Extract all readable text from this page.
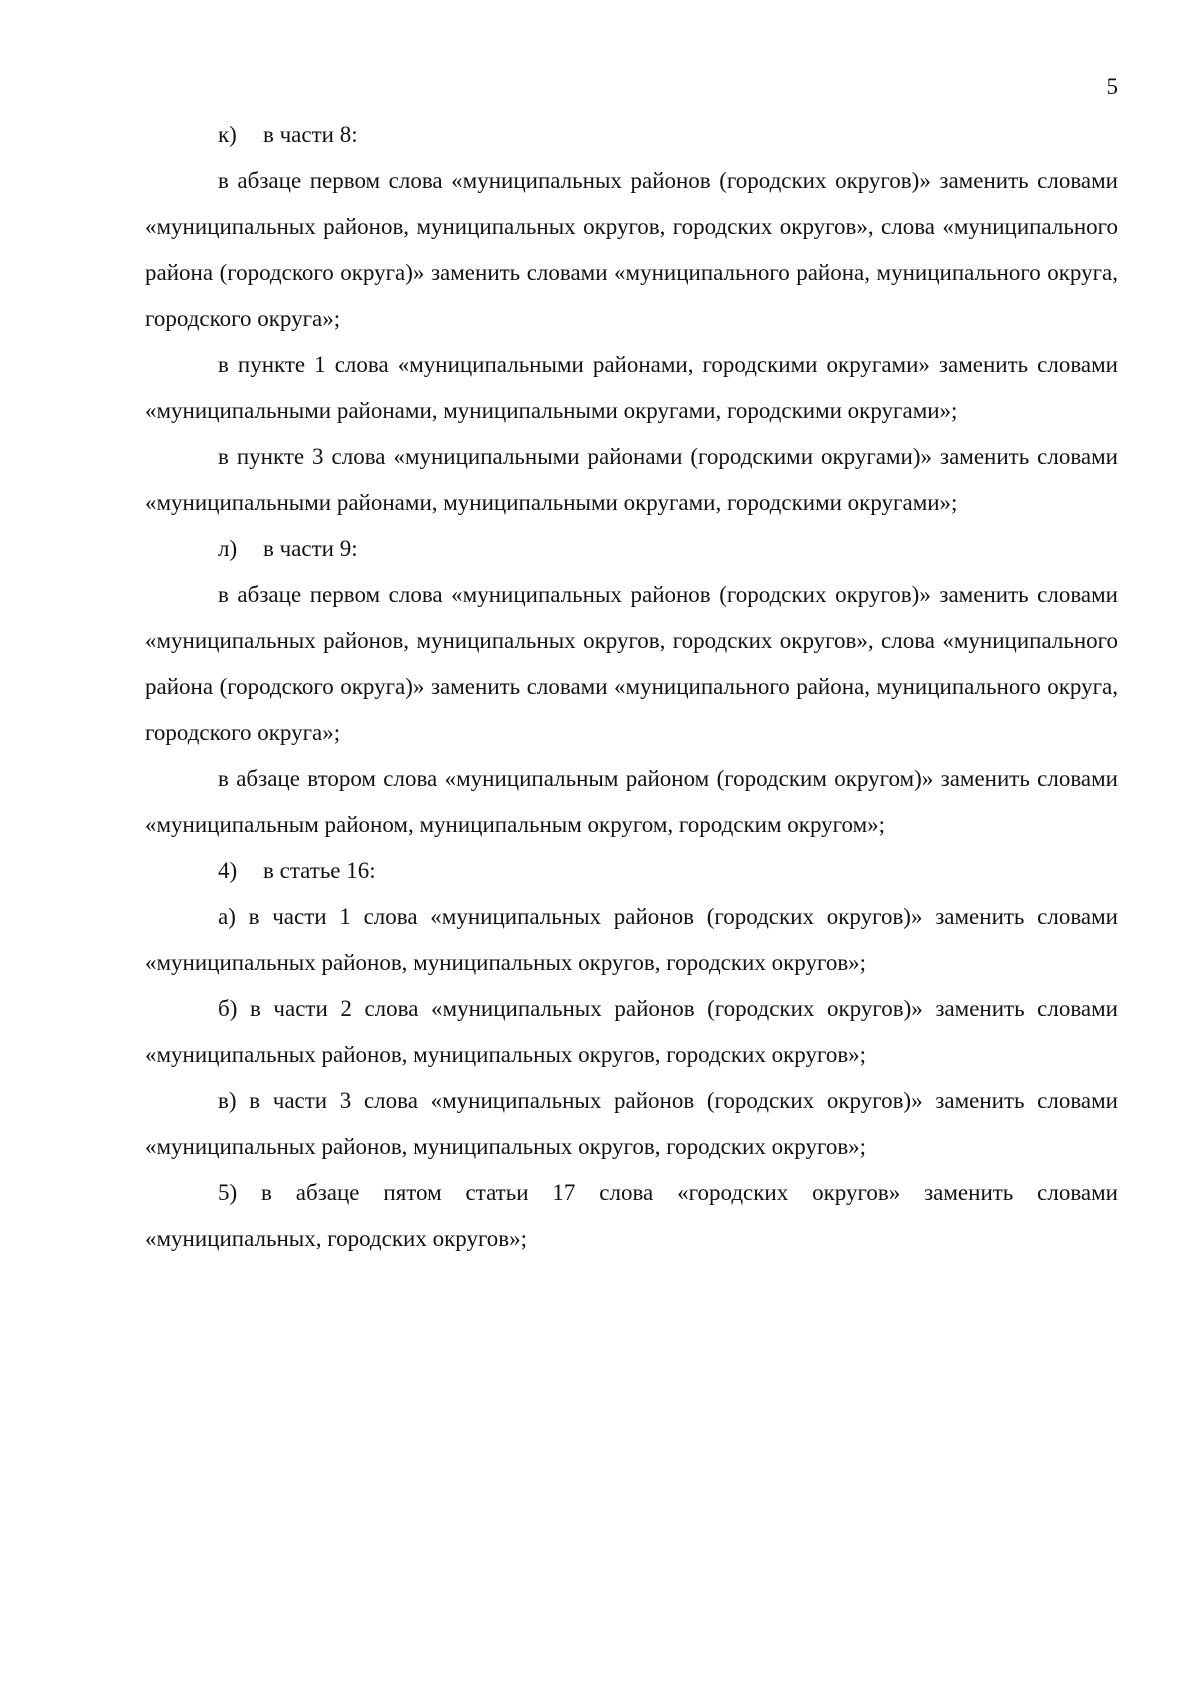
5

к) в части 8:

в абзаце первом слова «муниципальных районов (городских округов)» заменить словами «муниципальных районов, муниципальных округов, городских округов», слова «муниципального района (городского округа)» заменить словами «муниципального района, муниципального округа, городского округа»;

в пункте 1 слова «муниципальными районами, городскими округами» заменить словами «муниципальными районами, муниципальными округами, городскими округами»;

в пункте 3 слова «муниципальными районами (городскими округами)» заменить словами «муниципальными районами, муниципальными округами, городскими округами»;

л) в части 9:

в абзаце первом слова «муниципальных районов (городских округов)» заменить словами «муниципальных районов, муниципальных округов, городских округов», слова «муниципального района (городского округа)» заменить словами «муниципального района, муниципального округа, городского округа»;

в абзаце втором слова «муниципальным районом (городским округом)» заменить словами «муниципальным районом, муниципальным округом, городским округом»;

4) в статье 16:

а) в части 1 слова «муниципальных районов (городских округов)» заменить словами «муниципальных районов, муниципальных округов, городских округов»;

б) в части 2 слова «муниципальных районов (городских округов)» заменить словами «муниципальных районов, муниципальных округов, городских округов»;

в) в части 3 слова «муниципальных районов (городских округов)» заменить словами «муниципальных районов, муниципальных округов, городских округов»;

5) в абзаце пятом статьи 17 слова «городских округов» заменить словами «муниципальных, городских округов»;
